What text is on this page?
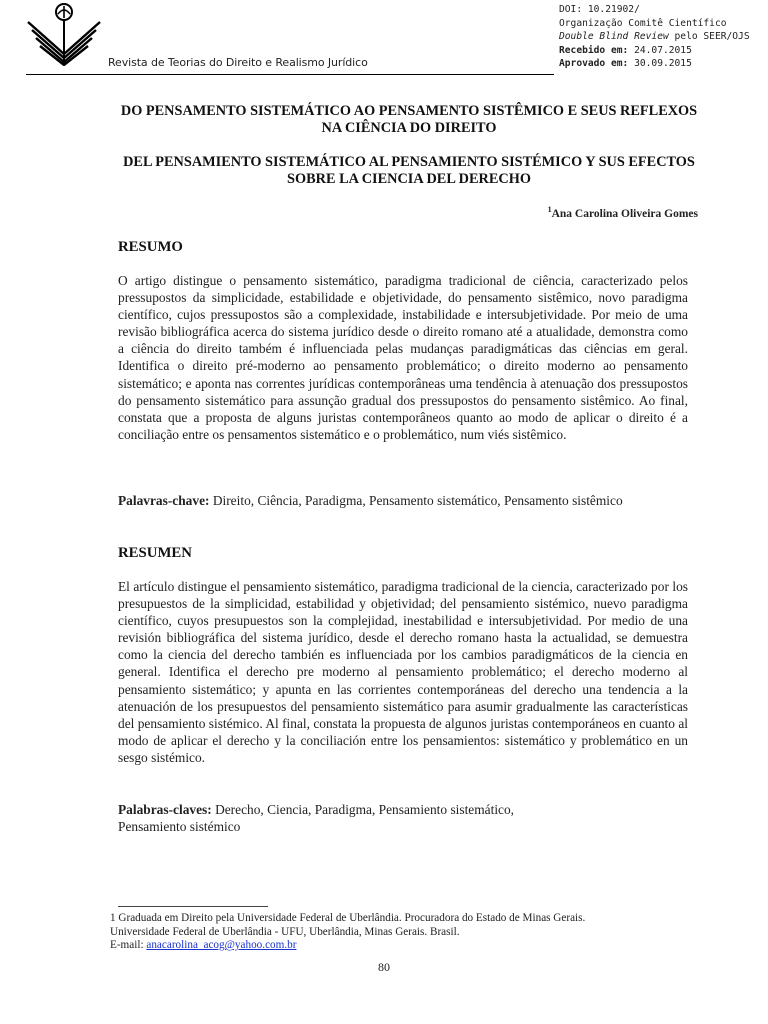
Revista de Teorias do Direito e Realismo Jurídico
DOI: 10.21902/
Organização Comitê Científico
Double Blind Review pelo SEER/OJS
Recebido em: 24.07.2015
Aprovado em: 30.09.2015
DO PENSAMENTO SISTEMÁTICO AO PENSAMENTO SISTÊMICO E SEUS REFLEXOS NA CIÊNCIA DO DIREITO
DEL PENSAMIENTO SISTEMÁTICO AL PENSAMIENTO SISTÉMICO Y SUS EFECTOS SOBRE LA CIENCIA DEL DERECHO
$^1$Ana Carolina Oliveira Gomes
RESUMO
O artigo distingue o pensamento sistemático, paradigma tradicional de ciência, caracterizado pelos pressupostos da simplicidade, estabilidade e objetividade, do pensamento sistêmico, novo paradigma científico, cujos pressupostos são a complexidade, instabilidade e intersubjetividade. Por meio de uma revisão bibliográfica acerca do sistema jurídico desde o direito romano até a atualidade, demonstra como a ciência do direito também é influenciada pelas mudanças paradigmáticas das ciências em geral. Identifica o direito pré-moderno ao pensamento problemático; o direito moderno ao pensamento sistemático; e aponta nas correntes jurídicas contemporâneas uma tendência à atenuação dos pressupostos do pensamento sistemático para assunção gradual dos pressupostos do pensamento sistêmico. Ao final, constata que a proposta de alguns juristas contemporâneos quanto ao modo de aplicar o direito é a conciliação entre os pensamentos sistemático e o problemático, num viés sistêmico.
Palavras-chave: Direito, Ciência, Paradigma, Pensamento sistemático, Pensamento sistêmico
RESUMEN
El artículo distingue el pensamiento sistemático, paradigma tradicional de la ciencia, caracterizado por los presupuestos de la simplicidad, estabilidad y objetividad; del pensamiento sistémico, nuevo paradigma científico, cuyos presupuestos son la complejidad, inestabilidad e intersubjetividad. Por medio de una revisión bibliográfica del sistema jurídico, desde el derecho romano hasta la actualidad, se demuestra como la ciencia del derecho también es influenciada por los cambios paradigmáticos de la ciencia en general. Identifica el derecho pre moderno al pensamiento problemático; el derecho moderno al pensamiento sistemático; y apunta en las corrientes contemporáneas del derecho una tendencia a la atenuación de los presupuestos del pensamiento sistemático para asumir gradualmente las características del pensamiento sistémico. Al final, constata la propuesta de algunos juristas contemporáneos en cuanto al modo de aplicar el derecho y la conciliación entre los pensamientos: sistemático y problemático en un sesgo sistémico.
Palabras-claves: Derecho, Ciencia, Paradigma, Pensamiento sistemático,
Pensamiento sistémico
1 Graduada em Direito pela Universidade Federal de Uberlândia. Procuradora do Estado de Minas Gerais.
Universidade Federal de Uberlândia - UFU, Uberlândia, Minas Gerais. Brasil.
E-mail: anacarolina_acog@yahoo.com.br
80
